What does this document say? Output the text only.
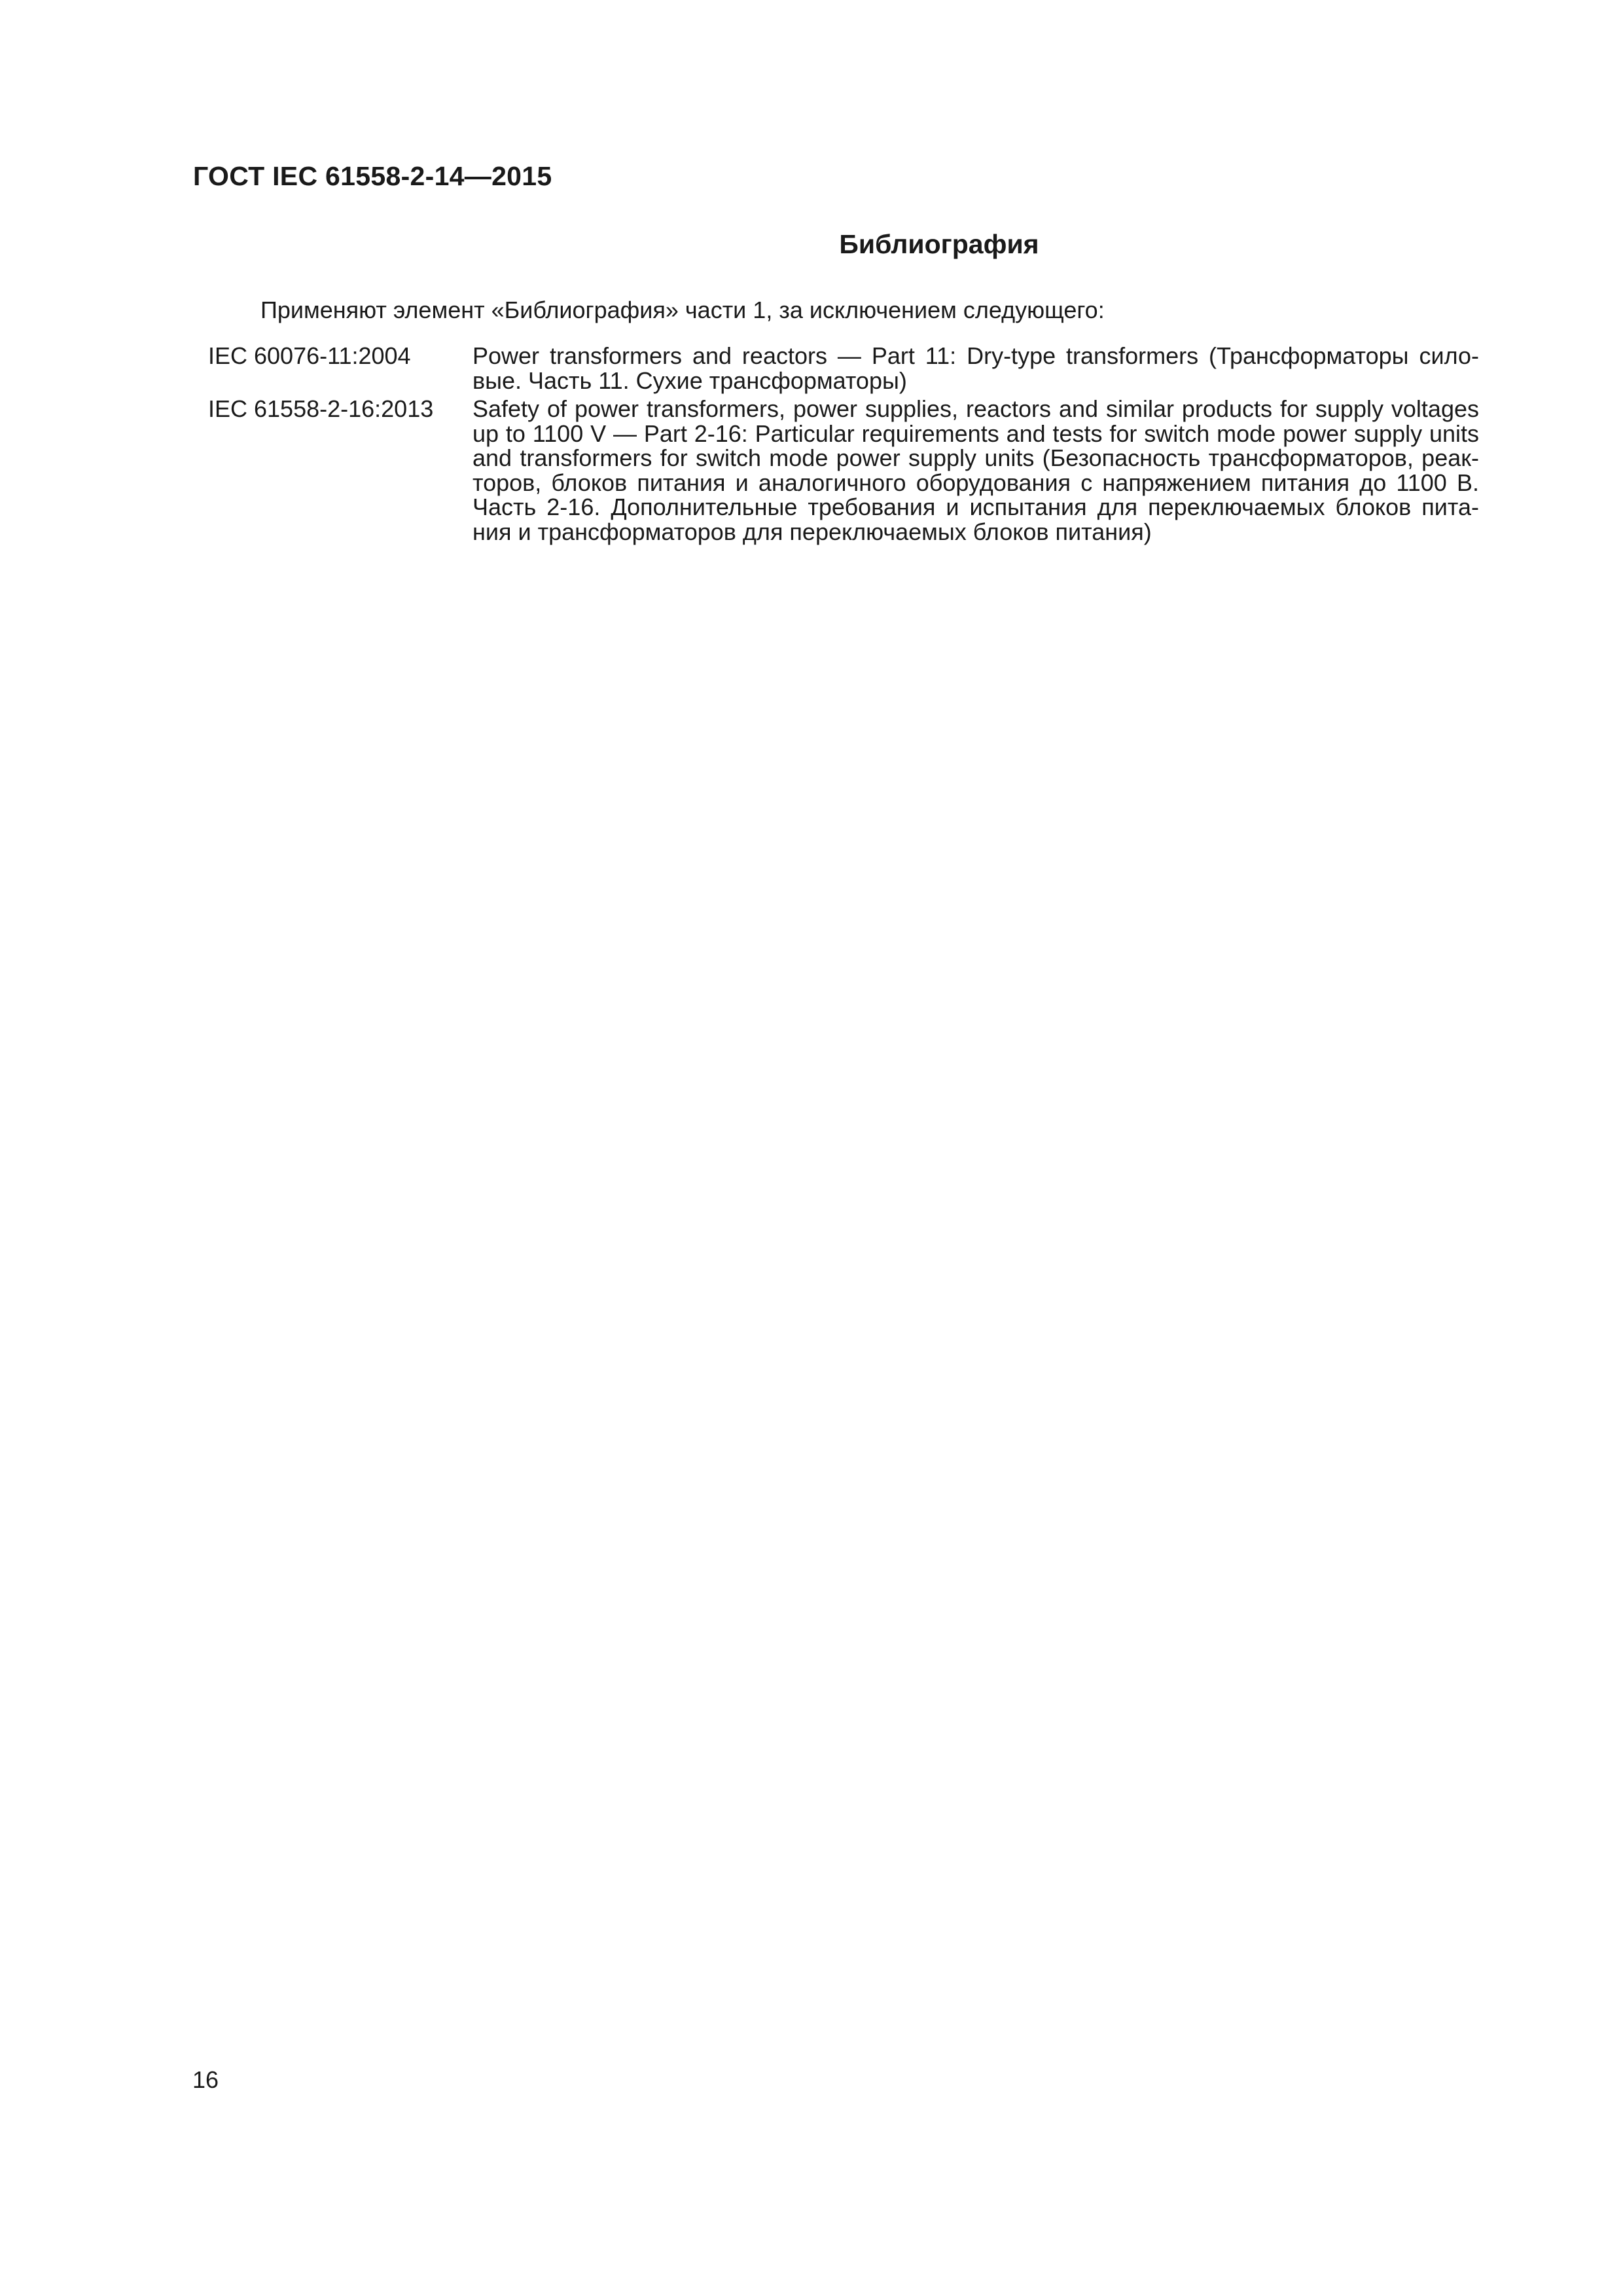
ГОСТ IEC 61558-2-14—2015
Библиография
Применяют элемент «Библиография» части 1, за исключением следующего:
IEC 60076-11:2004	Power transformers and reactors — Part 11: Dry-type transformers (Трансформаторы сило-
вые. Часть 11. Сухие трансформаторы)
IEC 61558-2-16:2013	Safety of power transformers, power supplies, reactors and similar products for supply voltages
up to 1100 V — Part 2-16: Particular requirements and tests for switch mode power supply units
and transformers for switch mode power supply units (Безопасность трансформаторов, реак-
торов, блоков питания и аналогичного оборудования с напряжением питания до 1100 В.
Часть 2-16. Дополнительные требования и испытания для переключаемых блоков пита-
ния и трансформаторов для переключаемых блоков питания)
16
